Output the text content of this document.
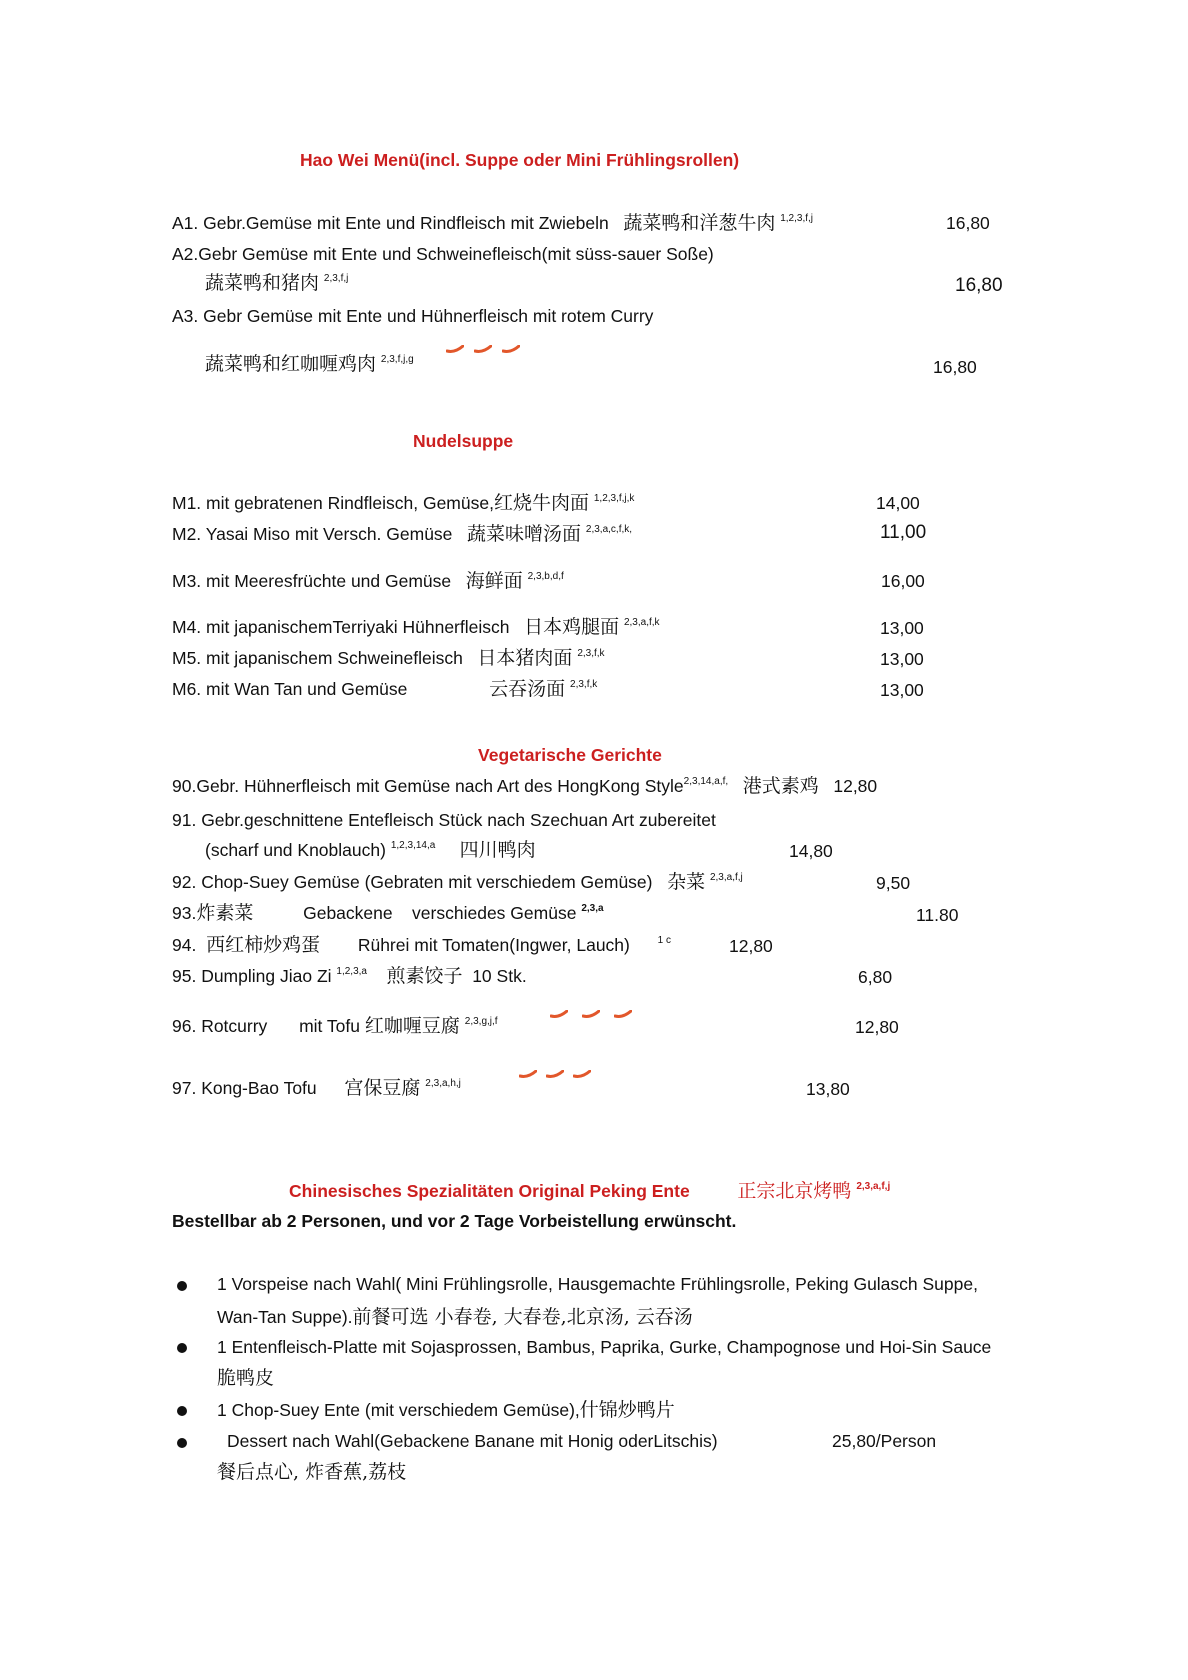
Hao Wei Menü(incl. Suppe oder Mini Frühlingsrollen)
A1. Gebr.Gemüse mit Ente und Rindfleisch mit Zwiebeln 蔬菜鸭和洋葱牛肉 $^{1,2,3,f,j}$	16,80
A2.Gebr Gemüse mit Ente und Schweinefleisch(mit süss-sauer Soße)
蔬菜鸭和猪肉 $^{2,3,f,j}$	16,80
A3. Gebr Gemüse mit Ente und Hühnerfleisch mit rotem Curry
蔬菜鸭和红咖喱鸡肉 $^{2,3,f,j,g}$	16,80
Nudelsuppe
M1. mit gebratenen Rindfleisch, Gemüse,红烧牛肉面 $^{1,2,3,f,j,k}$	14,00
M2. Yasai Miso mit Versch. Gemüse 蔬菜味噌汤面 $^{2,3,a,c,f,k,}$	11,00
M3. mit Meeresfrüchte und Gemüse 海鲜面 $^{2,3,b,d,f}$	16,00
M4. mit japanischemTerriyaki Hühnerfleisch 日本鸡腿面 $^{2,3,a,f,k}$	13,00
M5. mit japanischem Schweinefleisch 日本猪肉面 $^{2,3,f,k}$	13,00
M6. mit Wan Tan und Gemüse	云吞汤面 $^{2,3,f,k}$	13,00
Vegetarische Gerichte
90.Gebr. Hühnerfleisch mit Gemüse nach Art des HongKong Style$^{2,3,14,a,f,}$ 港式素鸡 12,80
91. Gebr.geschnittene Entefleisch Stück nach Szechuan Art zubereitet
(scharf und Knoblauch) $^{1,2,3,14,a}$ 四川鸭肉	14,80
92. Chop-Suey Gemüse (Gebraten mit verschiedem Gemüse) 杂菜 $^{2,3,a,f,j}$	9,50
93.炸素菜	Gebackene    verschiedes Gemüse $^{2,3,a}$	11.80
94. 西红柿炒鸡蛋 Rührei mit Tomaten(Ingwer, Lauch)	$^{1 c}$	12,80
95. Dumpling Jiao Zi $^{1,2,3,a}$ 煎素饺子 10 Stk.	6,80
96. Rotcurry mit Tofu 红咖喱豆腐 $^{2,3,g,j,f}$	12,80
97. Kong-Bao Tofu 宫保豆腐 $^{2,3,a,h,j}$	13,80
Chinesisches Spezialitäten Original Peking Ente	正宗北京烤鸭 $^{2,3,a,f,j}$
Bestellbar ab 2 Personen, und vor 2 Tage Vorbeistellung erwünscht.
1 Vorspeise nach Wahl( Mini Frühlingsrolle, Hausgemachte Frühlingsrolle, Peking Gulasch Suppe,
Wan-Tan Suppe).前餐可选 小春卷, 大春卷,北京汤, 云吞汤
1 Entenfleisch-Platte mit Sojasprossen, Bambus, Paprika, Gurke, Champognose und Hoi-Sin Sauce
脆鸭皮
1 Chop-Suey Ente (mit verschiedem Gemüse),什锦炒鸭片
Dessert nach Wahl(Gebackene Banane mit Honig oderLitschis)	25,80/Person
餐后点心, 炸香蕉,荔枝
